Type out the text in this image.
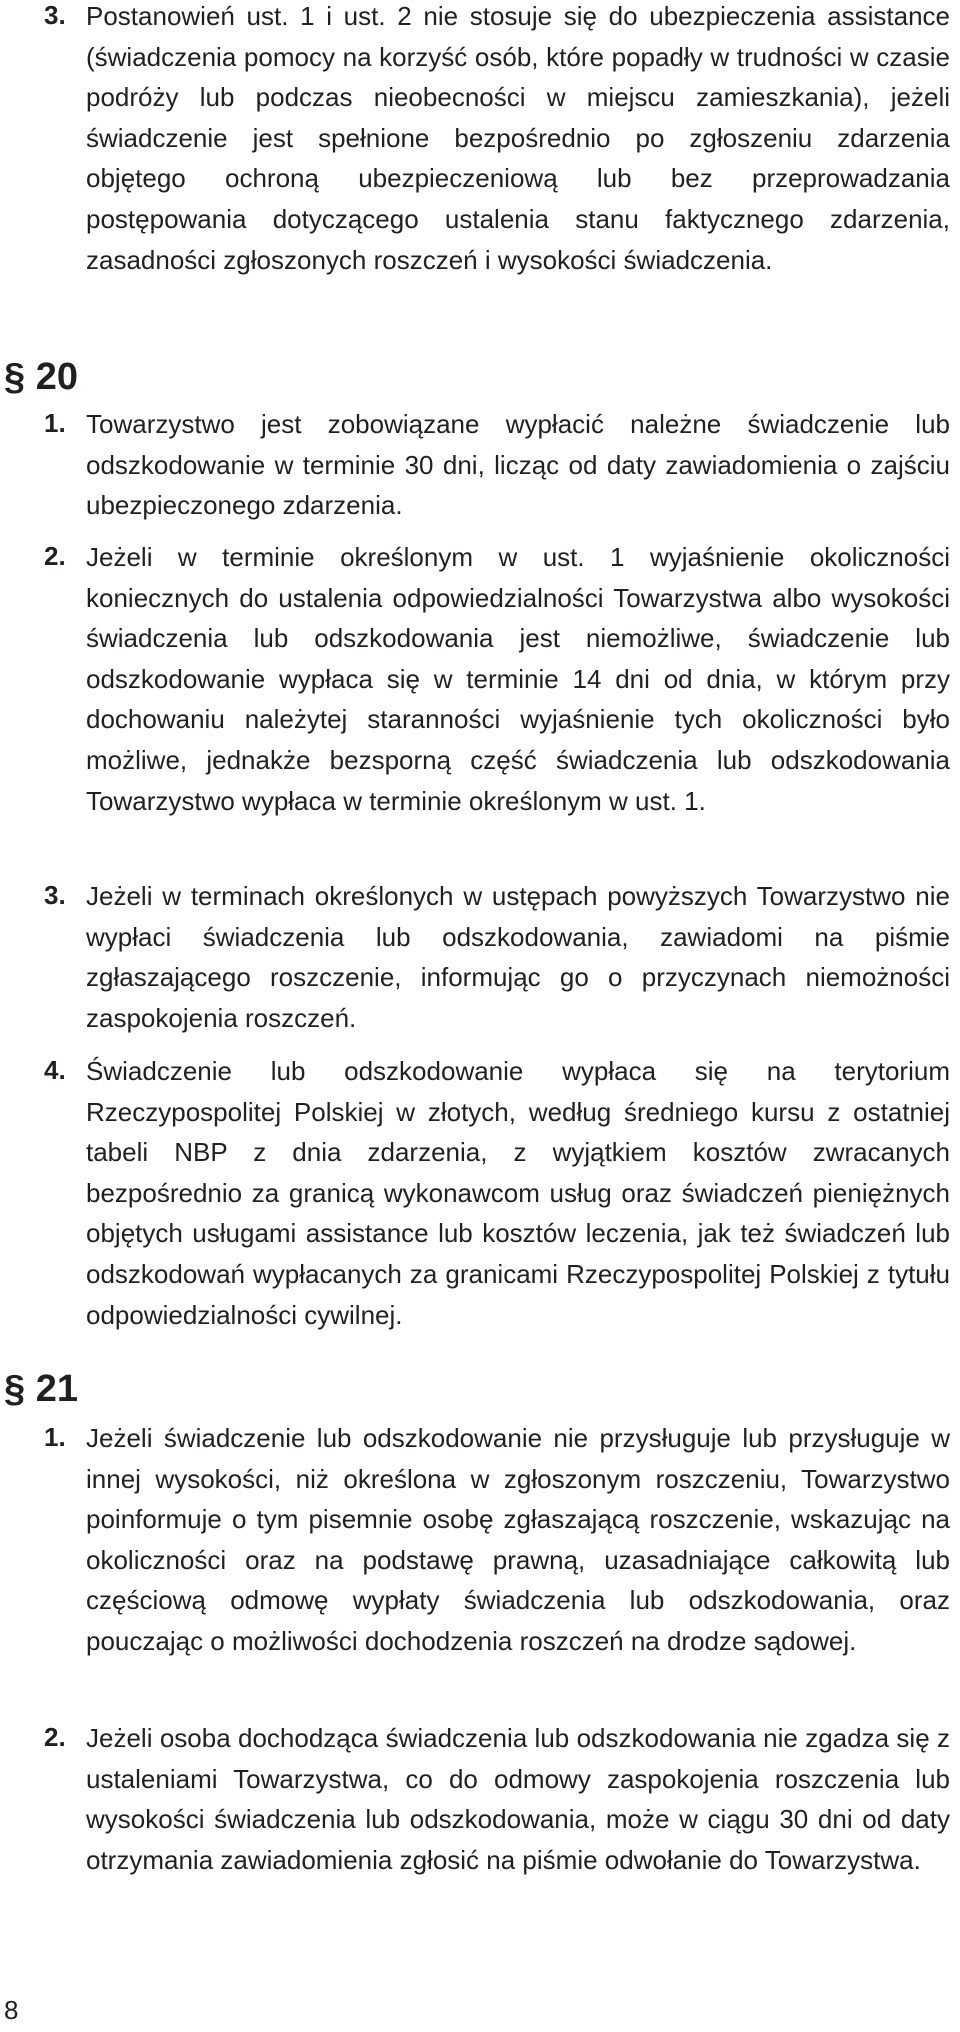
3. Postanowień ust. 1 i ust. 2 nie stosuje się do ubezpieczenia assistance (świadczenia pomocy na korzyść osób, które popadły w trudności w czasie podróży lub podczas nieobecności w miejscu zamieszkania), jeżeli świadczenie jest spełnione bezpośrednio po zgłoszeniu zdarzenia objętego ochroną ubezpieczeniową lub bez przeprowadzania postępowania dotyczącego ustalenia stanu faktycznego zdarzenia, zasadności zgłoszonych roszczeń i wysokości świadczenia.
§ 20
1. Towarzystwo jest zobowiązane wypłacić należne świadczenie lub odszkodowanie w terminie 30 dni, licząc od daty zawiadomienia o zajściu ubezpieczonego zdarzenia.
2. Jeżeli w terminie określonym w ust. 1 wyjaśnienie okoliczności koniecznych do ustalenia odpowiedzialności Towarzystwa albo wysokości świadczenia lub odszkodowania jest niemożliwe, świadczenie lub odszkodowanie wypłaca się w terminie 14 dni od dnia, w którym przy dochowaniu należytej staranności wyjaśnienie tych okoliczności było możliwe, jednakże bezsporną część świadczenia lub odszkodowania Towarzystwo wypłaca w terminie określonym w ust. 1.
3. Jeżeli w terminach określonych w ustępach powyższych Towarzystwo nie wypłaci świadczenia lub odszkodowania, zawiadomi na piśmie zgłaszającego roszczenie, informując go o przyczynach niemożności zaspokojenia roszczeń.
4. Świadczenie lub odszkodowanie wypłaca się na terytorium Rzeczypospolitej Polskiej w złotych, według średniego kursu z ostatniej tabeli NBP z dnia zdarzenia, z wyjątkiem kosztów zwracanych bezpośrednio za granicą wykonawcom usług oraz świadczeń pieniężnych objętych usługami assistance lub kosztów leczenia, jak też świadczeń lub odszkodowań wypłacanych za granicami Rzeczypospolitej Polskiej z tytułu odpowiedzialności cywilnej.
§ 21
1. Jeżeli świadczenie lub odszkodowanie nie przysługuje lub przysługuje w innej wysokości, niż określona w zgłoszonym roszczeniu, Towarzystwo poinformuje o tym pisemnie osobę zgłaszającą roszczenie, wskazując na okoliczności oraz na podstawę prawną, uzasadniające całkowitą lub częściową odmowę wypłaty świadczenia lub odszkodowania, oraz pouczając o możliwości dochodzenia roszczeń na drodze sądowej.
2. Jeżeli osoba dochodząca świadczenia lub odszkodowania nie zgadza się z ustaleniami Towarzystwa, co do odmowy zaspokojenia roszczenia lub wysokości świadczenia lub odszkodowania, może w ciągu 30 dni od daty otrzymania zawiadomienia zgłosić na piśmie odwołanie do Towarzystwa.
8
